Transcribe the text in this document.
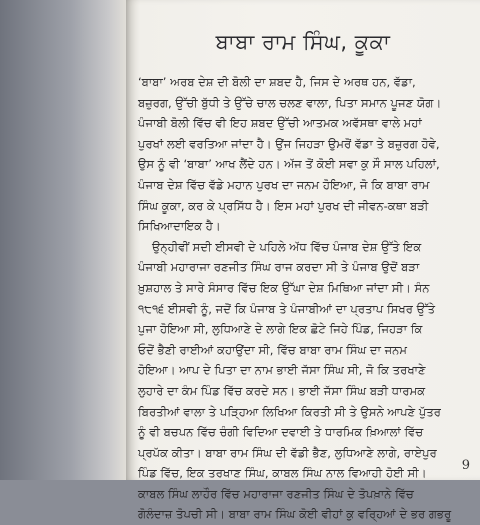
ਬਾਬਾ ਰਾਮ ਸਿੰਘ, ਕੂਕਾ
‘ਬਾਬਾ’ ਅਰਬ ਦੇਸ਼ ਦੀ ਬੋਲੀ ਦਾ ਸ਼ਬਦ ਹੈ, ਜਿਸ ਦੇ ਅਰਥ ਹਨ, ਵੱਡਾ,
ਬਜ਼ੁਰਗ, ਉੱਚੀ ਬੁੱਧੀ ਤੇ ਉੱਚੇ ਚਾਲ ਚਲਣ ਵਾਲਾ, ਪਿਤਾ ਸਮਾਨ ਪੂਜਣ ਯੋਗ।
ਪੰਜਾਬੀ ਬੋਲੀ ਵਿੱਚ ਵੀ ਇਹ ਸ਼ਬਦ ਉੱਚੀ ਆਤਮਕ ਅਵੱਸਥਾ ਵਾਲੇ ਮਹਾਂ
ਪੁਰਖਾਂ ਲਈ ਵਰਤਿਆ ਜਾਂਦਾ ਹੈ। ਉਂਜ ਜਿਹੜਾ ਉਮਰੋਂ ਵੱਡਾ ਤੇ ਬਜ਼ੁਰਗ ਹੋਵੇ,
ਉਸ ਨੂੰ ਵੀ ‘ਬਾਬਾ’ ਆਖ ਲੈਂਦੇ ਹਨ। ਅੱਜ ਤੋਂ ਕੋਈ ਸਵਾ ਕੁ ਸੌ ਸਾਲ ਪਹਿਲਾਂ,
ਪੰਜਾਬ ਦੇਸ਼ ਵਿੱਚ ਵੱਡੇ ਮਹਾਨ ਪੁਰਖ ਦਾ ਜਨਮ ਹੋਇਆ, ਜੋ ਕਿ ਬਾਬਾ ਰਾਮ
ਸਿੰਘ ਕੂਕਾ, ਕਰ ਕੇ ਪ੍ਰਸਿੱਧ ਹੈ। ਇਸ ਮਹਾਂ ਪੁਰਖ ਦੀ ਜੀਵਨ-ਕਥਾ ਬੜੀ
ਸਿਖਿਆਦਾਇਕ ਹੈ।
ਉਨ੍ਹੀਵੀਂ ਸਦੀ ਈਸਵੀ ਦੇ ਪਹਿਲੇ ਅੱਧ ਵਿੱਚ ਪੰਜਾਬ ਦੇਸ਼ ਉੱਤੇ ਇਕ
ਪੰਜਾਬੀ ਮਹਾਰਾਜਾ ਰਣਜੀਤ ਸਿੰਘ ਰਾਜ ਕਰਦਾ ਸੀ ਤੇ ਪੰਜਾਬ ਉਦੋਂ ਬੜਾ
ਖ਼ੁਸ਼ਹਾਲ ਤੇ ਸਾਰੇ ਸੰਸਾਰ ਵਿੱਚ ਇਕ ਉੱਘਾ ਦੇਸ਼ ਮਿਥਿਆ ਜਾਂਦਾ ਸੀ। ਸੰਨ
੧੮੧੬ ਈਸਵੀ ਨੂੰ, ਜਦੋਂ ਕਿ ਪੰਜਾਬ ਤੇ ਪੰਜਾਬੀਆਂ ਦਾ ਪ੍ਰਤਾਪ ਸਿਖਰ ਉੱਤੇ
ਪੁਜਾ ਹੋਇਆ ਸੀ, ਲੁਧਿਆਣੇ ਦੇ ਲਾਗੇ ਇਕ ਛੋਟੇ ਜਿਹੇ ਪਿੰਡ, ਜਿਹੜਾ ਕਿ
ਓਦੋਂ ਭੈਣੀ ਰਾਈਆਂ ਕਹਾਉਂਦਾ ਸੀ, ਵਿੱਚ ਬਾਬਾ ਰਾਮ ਸਿੰਘ ਦਾ ਜਨਮ
ਹੋਇਆ। ਆਪ ਦੇ ਪਿਤਾ ਦਾ ਨਾਮ ਭਾਈ ਜੱਸਾ ਸਿੰਘ ਸੀ, ਜੋ ਕਿ ਤਰਖਾਣੇ
ਲੁਹਾਰੇ ਦਾ ਕੰਮ ਪਿੰਡ ਵਿੱਚ ਕਰਦੇ ਸਨ। ਭਾਈ ਜੱਸਾ ਸਿੰਘ ਬੜੀ ਧਾਰਮਕ
ਬਿਰਤੀਆਂ ਵਾਲਾ ਤੇ ਪੜ੍ਹਿਆ ਲਿਖਿਆ ਕਿਰਤੀ ਸੀ ਤੇ ਉਸਨੇ ਆਪਣੇ ਪੁੱਤਰ
ਨੂੰ ਵੀ ਬਚਪਨ ਵਿੱਚ ਚੰਗੀ ਵਿਦਿਆ ਦਵਾਈ ਤੇ ਧਾਰਮਿਕ ਖ਼ਿਆਲਾਂ ਵਿੱਚ
ਪ੍ਰਪੱਕ ਕੀਤਾ। ਬਾਬਾ ਰਾਮ ਸਿੰਘ ਦੀ ਵੱਡੀ ਭੈਣ, ਲੁਧਿਆਣੇ ਲਾਗੇ, ਰਾਏਪੁਰ
ਪਿੰਡ ਵਿੱਚ, ਇਕ ਤਰਖਾਣ ਸਿੰਘ, ਕਾਬਲ ਸਿੰਘ ਨਾਲ ਵਿਆਹੀ ਹੋਈ ਸੀ।
ਕਾਬਲ ਸਿੰਘ ਲਾਹੌਰ ਵਿੱਚ ਮਹਾਰਾਜਾ ਰਣਜੀਤ ਸਿੰਘ ਦੇ ਤੋਪਖ਼ਾਨੇ ਵਿੱਚ
ਗੋਲੰਦਾਜ਼ ਤੋਪਚੀ ਸੀ। ਬਾਬਾ ਰਾਮ ਸਿੰਘ ਕੋਈ ਵੀਹਾਂ ਕੁ ਵਰ੍ਹਿਆਂ ਦੇ ਭਰ ਗਭਰੂ
9
